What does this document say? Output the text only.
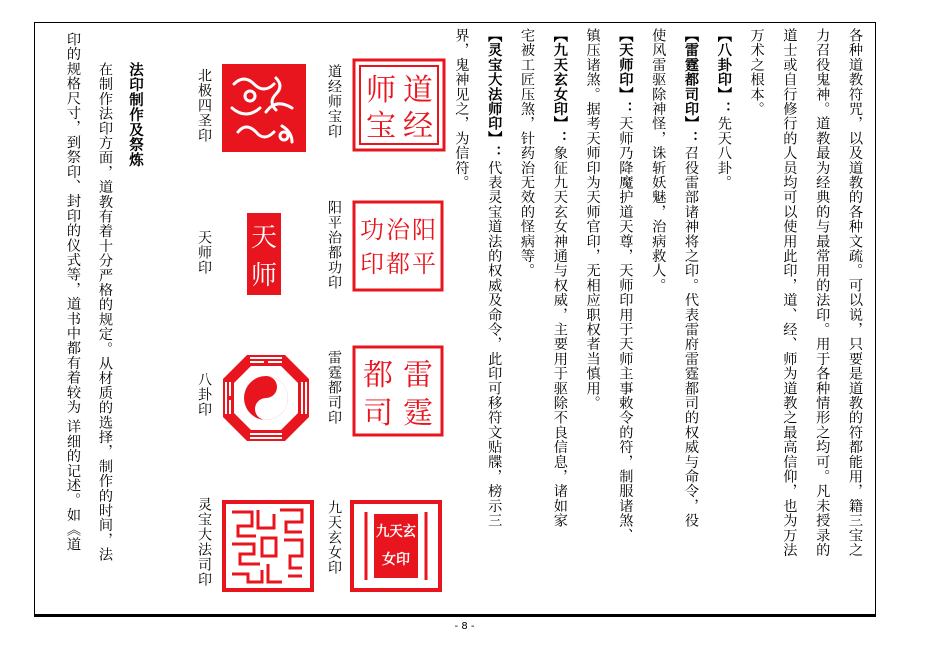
各种道教符咒，以及道教的各种文疏。可以说，只要是道教的符都能用，籍三宝之
力召役鬼神。道教最为经典的与最常用的法印。用于各种情形之均可。凡未授录的
道士或自行修行的人员均可以使用此印，道、经、师为道教之最高信仰，也为万法
万术之根本。
【八卦印】：先天八卦。
【雷霆都司印】：召役雷部诸神将之印。代表雷府雷霆都司的权威与命令，役
使风雷驱除神怪，诛斩妖魅，治病救人。
【天师印】：天师乃降魔护道天尊，天师印用于天师主事敕令的符，制服诸煞、
镇压诸煞。据考天师印为天师官印，无相应职权者当慎用。
【九天玄女印】：象征九天玄女神通与权威，主要用于驱除不良信息，诸如家
宅被工匠压煞，针药治无效的怪病等。
【灵宝大法师印】：代表灵宝道法的权威及命令，此印可移符文贴牒，榜示三
界，鬼神见之，为信符。
道经师宝印
阳平治都功印
雷霆都司印
九天玄女印
北极四圣印
天师印
八卦印
灵宝大法司印
道
经
师
宝
阳
平
治
都
功
印
雷
霆
都
司
九天玄
女印
天
师
法印制作及祭炼
在制作法印方面，道教有着十分严格的规定。从材质的选择，制作的时间，法
印的规格尺寸，到祭印、封印的仪式等，道书中都有着较为 详细的记述。如《道
- 8 -
